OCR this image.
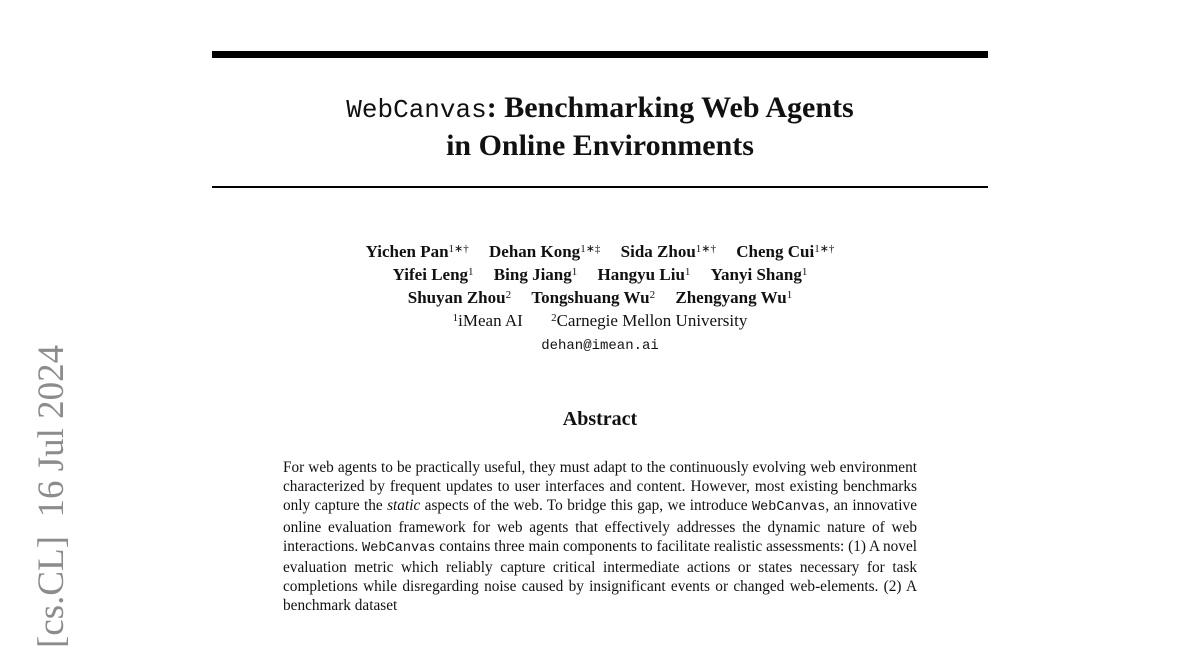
WebCanvas: Benchmarking Web Agents
in Online Environments
Yichen Pan$^{1∗\dagger}$ Dehan Kong$^{1∗\ddagger}$ Sida Zhou$^{1∗\dagger}$ Cheng Cui$^{1∗\dagger}$
Yifei Leng$^1$ Bing Jiang$^1$ Hangyu Liu$^1$ Yanyi Shang$^1$
Shuyan Zhou$^2$ Tongshuang Wu$^2$ Zhengyang Wu$^1$
$^1$iMean AI	$^2$Carnegie Mellon University
dehan@imean.ai
Abstract
For web agents to be practically useful, they must adapt to the continuously evolving web environment characterized by frequent updates to user interfaces and content. However, most existing benchmarks only capture the static aspects of the web. To bridge this gap, we introduce WebCanvas, an innovative online evaluation framework for web agents that effectively addresses the dynamic nature of web interactions. WebCanvas contains three main components to facilitate realistic assessments: (1) A novel evaluation metric which reliably capture critical intermediate actions or states necessary for task completions while disregarding noise caused by insignificant events or changed web-elements. (2) A benchmark dataset
[cs.CL]  16 Jul 2024
